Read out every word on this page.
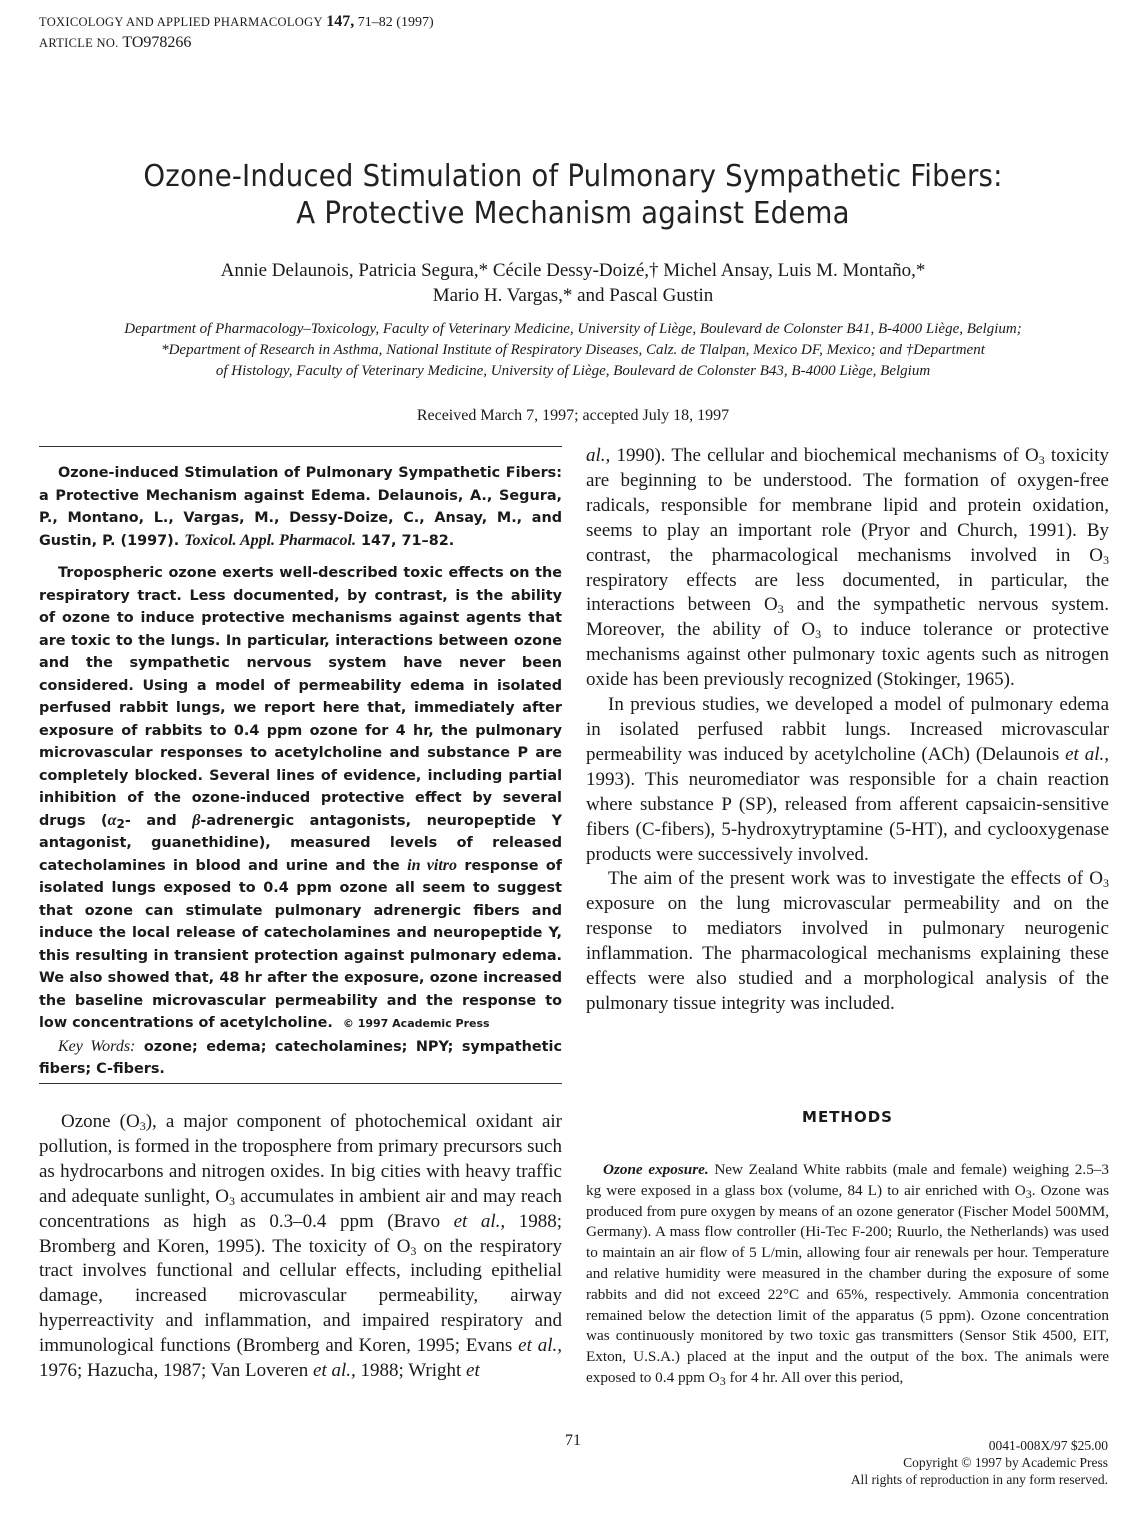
TOXICOLOGY AND APPLIED PHARMACOLOGY 147, 71–82 (1997)
ARTICLE NO. TO978266
Ozone-Induced Stimulation of Pulmonary Sympathetic Fibers:
A Protective Mechanism against Edema
Annie Delaunois, Patricia Segura,* Cécile Dessy-Doizé,† Michel Ansay, Luis M. Montaño,*
Mario H. Vargas,* and Pascal Gustin
Department of Pharmacology–Toxicology, Faculty of Veterinary Medicine, University of Liège, Boulevard de Colonster B41, B-4000 Liège, Belgium;
*Department of Research in Asthma, National Institute of Respiratory Diseases, Calz. de Tlalpan, Mexico DF, Mexico; and †Department
of Histology, Faculty of Veterinary Medicine, University of Liège, Boulevard de Colonster B43, B-4000 Liège, Belgium
Received March 7, 1997; accepted July 18, 1997

Ozone-induced Stimulation of Pulmonary Sympathetic Fibers: a Protective Mechanism against Edema. Delaunois, A., Segura, P., Montano, L., Vargas, M., Dessy-Doize, C., Ansay, M., and Gustin, P. (1997). Toxicol. Appl. Pharmacol. 147, 71–82.

Tropospheric ozone exerts well-described toxic effects on the respiratory tract. Less documented, by contrast, is the ability of ozone to induce protective mechanisms against agents that are toxic to the lungs. In particular, interactions between ozone and the sympathetic nervous system have never been considered. Using a model of permeability edema in isolated perfused rabbit lungs, we report here that, immediately after exposure of rabbits to 0.4 ppm ozone for 4 hr, the pulmonary microvascular responses to acetylcholine and substance P are completely blocked. Several lines of evidence, including partial inhibition of the ozone-induced protective effect by several drugs ($\alpha_2-$ and β-adrenergic antagonists, neuropeptide Y antagonist, guanethidine), measured levels of released catecholamines in blood and urine and the in vitro response of isolated lungs exposed to 0.4 ppm ozone all seem to suggest that ozone can stimulate pulmonary adrenergic fibers and induce the local release of catecholamines and neuropeptide Y, this resulting in transient protection against pulmonary edema. We also showed that, 48 hr after the exposure, ozone increased the baseline microvascular permeability and the response to low concentrations of acetylcholine. © 1997 Academic Press

Key Words: ozone; edema; catecholamines; NPY; sympathetic fibers; C-fibers.

Ozone $(O_3)$, a major component of photochemical oxidant air pollution, is formed in the troposphere from primary precursors such as hydrocarbons and nitrogen oxides. In big cities with heavy traffic and adequate sunlight, $O_3$ accumulates in ambient air and may reach concentrations as high as 0.3–0.4 ppm (Bravo et al., 1988; Bromberg and Koren, 1995). The toxicity of $O_3$ on the respiratory tract involves functional and cellular effects, including epithelial damage, increased microvascular permeability, airway hyperreactivity and inflammation, and impaired respiratory and immunological functions (Bromberg and Koren, 1995; Evans et al., 1976; Hazucha, 1987; Van Loveren et al., 1988; Wright et

al., 1990). The cellular and biochemical mechanisms of $O_3$ toxicity are beginning to be understood. The formation of oxygen-free radicals, responsible for membrane lipid and protein oxidation, seems to play an important role (Pryor and Church, 1991). By contrast, the pharmacological mechanisms involved in $O_3$ respiratory effects are less documented, in particular, the interactions between $O_3$ and the sympathetic nervous system. Moreover, the ability of $O_3$ to induce tolerance or protective mechanisms against other pulmonary toxic agents such as nitrogen oxide has been previously recognized (Stokinger, 1965).

In previous studies, we developed a model of pulmonary edema in isolated perfused rabbit lungs. Increased microvascular permeability was induced by acetylcholine (ACh) (Delaunois et al., 1993). This neuromediator was responsible for a chain reaction where substance P (SP), released from afferent capsaicin-sensitive fibers (C-fibers), 5-hydroxytryptamine (5-HT), and cyclooxygenase products were successively involved.

The aim of the present work was to investigate the effects of $O_3$ exposure on the lung microvascular permeability and on the response to mediators involved in pulmonary neurogenic inflammation. The pharmacological mechanisms explaining these effects were also studied and a morphological analysis of the pulmonary tissue integrity was included.

METHODS

Ozone exposure. New Zealand White rabbits (male and female) weighing 2.5–3 kg were exposed in a glass box (volume, 84 L) to air enriched with $O_3$. Ozone was produced from pure oxygen by means of an ozone generator (Fischer Model 500MM, Germany). A mass flow controller (Hi-Tec F-200; Ruurlo, the Netherlands) was used to maintain an air flow of 5 L/min, allowing four air renewals per hour. Temperature and relative humidity were measured in the chamber during the exposure of some rabbits and did not exceed 22°C and 65%, respectively. Ammonia concentration remained below the detection limit of the apparatus (5 ppm). Ozone concentration was continuously monitored by two toxic gas transmitters (Sensor Stik 4500, EIT, Exton, U.S.A.) placed at the input and the output of the box. The animals were exposed to 0.4 ppm $O_3$ for 4 hr. All over this period,

71	0041-008X/97 $25.00
Copyright © 1997 by Academic Press
All rights of reproduction in any form reserved.
